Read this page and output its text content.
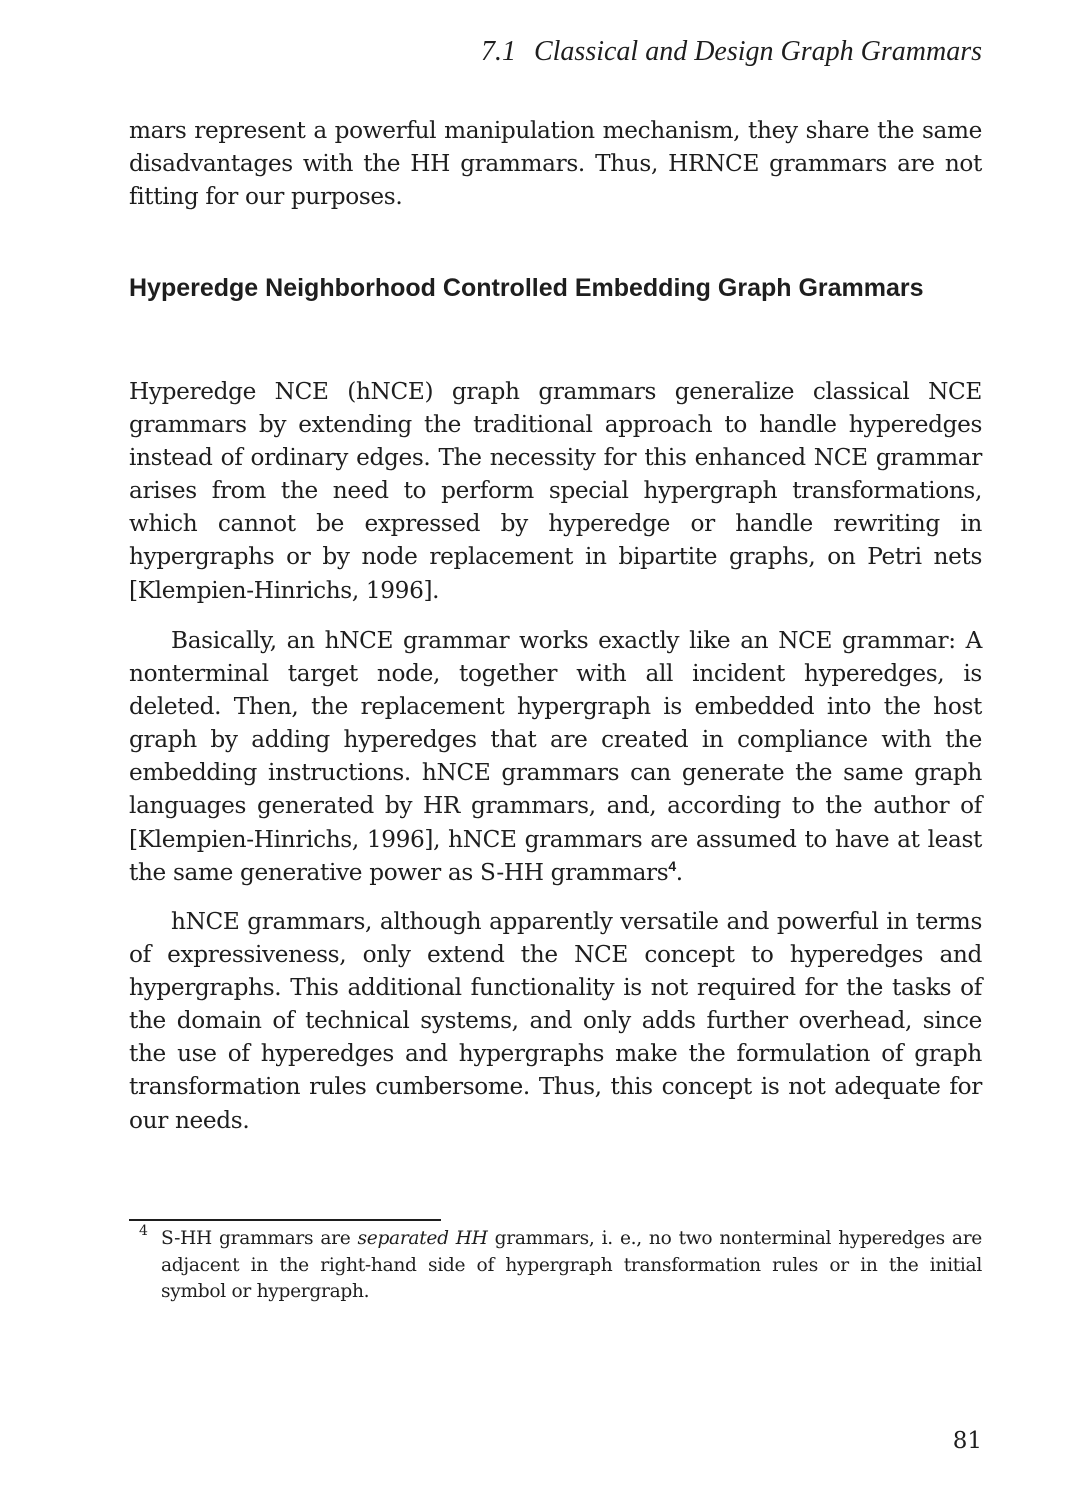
7.1 Classical and Design Graph Grammars

mars represent a powerful manipulation mechanism, they share the same disadvantages with the HH grammars. Thus, HRNCE grammars are not fitting for our purposes.

Hyperedge Neighborhood Controlled Embedding Graph Grammars

Hyperedge NCE (hNCE) graph grammars generalize classical NCE grammars by extending the traditional approach to handle hyperedges instead of ordinary edges. The necessity for this enhanced NCE grammar arises from the need to perform special hypergraph transformations, which cannot be expressed by hyperedge or handle rewriting in hypergraphs or by node replacement in bipartite graphs, on Petri nets [Klempien-Hinrichs, 1996].

Basically, an hNCE grammar works exactly like an NCE grammar: A nonterminal target node, together with all incident hyperedges, is deleted. Then, the replacement hypergraph is embedded into the host graph by adding hyperedges that are created in compliance with the embedding instructions. hNCE grammars can generate the same graph languages generated by HR grammars, and, according to the author of [Klempien-Hinrichs, 1996], hNCE grammars are assumed to have at least the same generative power as S-HH grammars$^4$.

hNCE grammars, although apparently versatile and powerful in terms of expressiveness, only extend the NCE concept to hyperedges and hypergraphs. This additional functionality is not required for the tasks of the domain of technical systems, and only adds further overhead, since the use of hyperedges and hypergraphs make the formulation of graph transformation rules cumbersome. Thus, this concept is not adequate for our needs.

4 S-HH grammars are separated HH grammars, i. e., no two nonterminal hyperedges are adjacent in the right-hand side of hypergraph transformation rules or in the initial symbol or hypergraph.

81
